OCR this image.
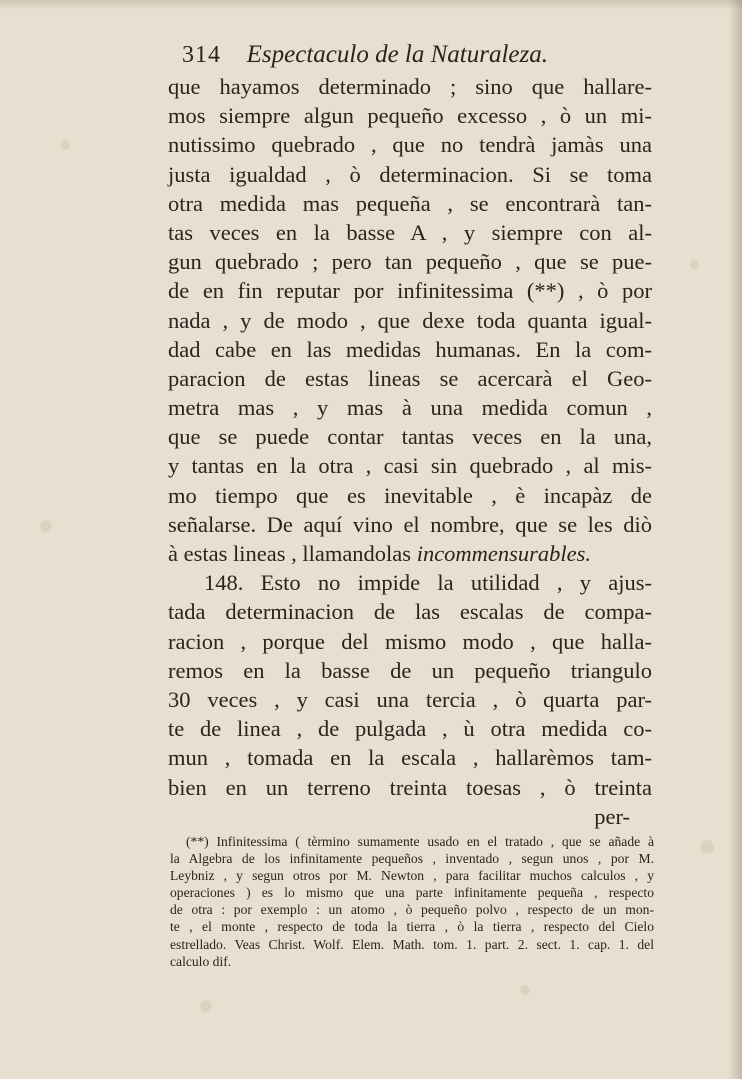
314 Espectaculo de la Naturaleza.
que hayamos determinado ; sino que hallare-
mos siempre algun pequeño excesso , ò un mi-
nutissimo quebrado , que no tendrà jamàs una
justa igualdad , ò determinacion. Si se toma
otra medida mas pequeña , se encontrarà tan-
tas veces en la basse A , y siempre con al-
gun quebrado ; pero tan pequeño , que se pue-
de en fin reputar por infinitessima (**) , ò por
nada , y de modo , que dexe toda quanta igual-
dad cabe en las medidas humanas. En la com-
paracion de estas lineas se acercarà el Geo-
metra mas , y mas à una medida comun ,
que se puede contar tantas veces en la una,
y tantas en la otra , casi sin quebrado , al mis-
mo tiempo que es inevitable , è incapàz de
señalarse. De aquí vino el nombre, que se les diò
à estas lineas , llamandolas incommensurables.
148. Esto no impide la utilidad , y ajus-
tada determinacion de las escalas de compa-
racion , porque del mismo modo , que halla-
remos en la basse de un pequeño triangulo
30 veces , y casi una tercia , ò quarta par-
te de linea , de pulgada , ù otra medida co-
mun , tomada en la escala , hallarèmos tam-
bien en un terreno treinta toesas , ò treinta
per-
(**) Infinitessima ( tèrmino sumamente usado en el tratado , que se añade à
la Algebra de los infinitamente pequeños , inventado , segun unos , por M.
Leybniz , y segun otros por M. Newton , para facilitar muchos calculos , y
operaciones ) es lo mismo que una parte infinitamente pequeña , respecto
de otra : por exemplo : un atomo , ò pequeño polvo , respecto de un mon-
te , el monte , respecto de toda la tierra , ò la tierra , respecto del Cielo
estrellado. Veas Christ. Wolf. Elem. Math. tom. 1. part. 2. sect. 1. cap. 1. del
calculo dif.
